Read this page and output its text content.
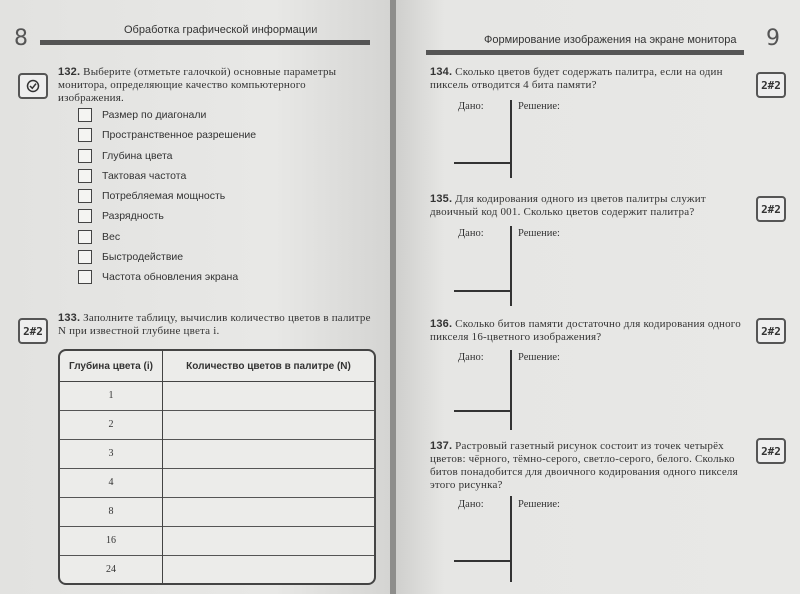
8	Обработка графической информации
132. Выберите (отметьте галочкой) основные параметры монитора, определяющие качество компьютерного изображения.
Размер по диагонали
Пространственное разрешение
Глубина цвета
Тактовая частота
Потребляемая мощность
Разрядность
Вес
Быстродействие
Частота обновления экрана
2#2
133. Заполните таблицу, вычислив количество цветов в палитре N при известной глубине цвета i.
Глубина цвета (i)	Количество цветов в палитре (N)
1	
2	
3	
4	
8	
16	
24	
9
Формирование изображения на экране монитора
134. Сколько цветов будет содержать палитра, если на один пиксель отводится 4 бита памяти?	2#2
Дано:	Решение:
135. Для кодирования одного из цветов палитры служит двоичный код 001. Сколько цветов содержит палитра?	2#2
Дано:	Решение:
136. Сколько битов памяти достаточно для кодирования одного пикселя 16-цветного изображения?	2#2
Дано:	Решение:
137. Растровый газетный рисунок состоит из точек четырёх цветов: чёрного, тёмно-серого, светло-серого, белого. Сколько битов понадобится для двоичного кодирования одного пикселя этого рисунка?
2#2
Дано:	Решение:
